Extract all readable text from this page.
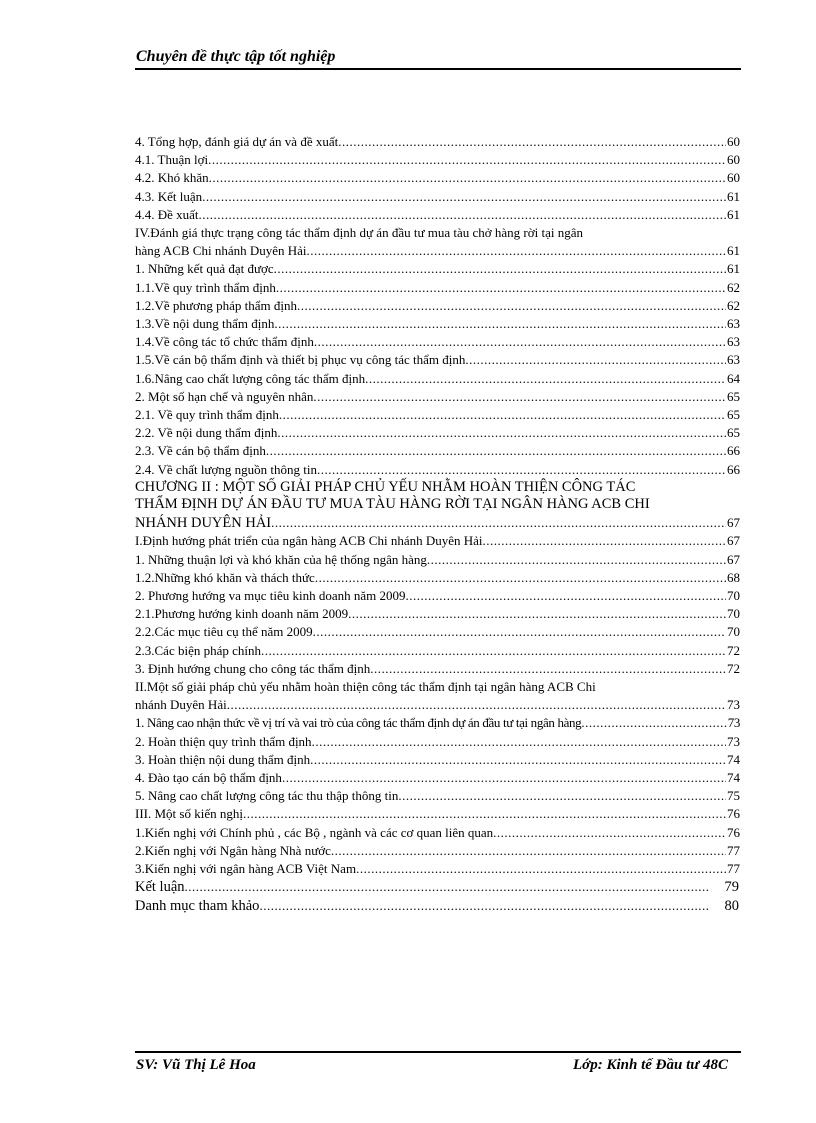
Chuyên đề thực tập tốt nghiệp
4. Tổng hợp, đánh giá dự án và đề xuất .....	60
4.1. Thuận lợi .....	60
4.2. Khó khăn .....	60
4.3. Kết luận .....	61
4.4. Đề xuất .....	61
IV.Đánh giá thực trạng công tác thẩm định dự án đầu tư mua tàu chở hàng rời tại ngân
hàng ACB Chi nhánh Duyên Hải .....	61
1. Những kết quả đạt được .....	61
1.1.Về quy trình thẩm định .....	62
1.2.Về phương pháp thẩm định .....	62
1.3.Về nội dung thẩm định .....	63
1.4.Về công tác tổ chức thẩm định .....	63
1.5.Về cán bộ thẩm định và thiết bị phục vụ công tác thẩm định .....	63
1.6.Nâng cao chất lượng công tác thẩm định .....	64
2. Một số hạn chế và nguyên nhân .....	65
2.1. Về quy trình thẩm định .....	65
2.2. Về nội dung thẩm định .....	65
2.3. Về cán bộ thẩm định .....	66
2.4. Về chất lượng nguồn thông tin .....	66
CHƯƠNG II : MỘT SỐ GIẢI PHÁP CHỦ YẾU NHẰM HOÀN THIỆN CÔNG TÁC
THẨM ĐỊNH DỰ ÁN ĐẦU TƯ MUA TÀU HÀNG RỜI TẠI NGÂN HÀNG ACB CHI
NHÁNH DUYÊN HẢI .....	67
I.Định hướng phát triển của ngân hàng ACB Chi nhánh Duyên Hải .....	67
1. Những thuận lợi và khó khăn của hệ thống ngân hàng .....	67
1.2.Những khó khăn và thách thức .....	68
2. Phương hướng va mục tiêu kinh doanh năm 2009 .....	70
2.1.Phương hướng kinh doanh năm 2009 .....	70
2.2.Các mục tiêu cụ thể năm 2009 .....	70
2.3.Các biện pháp chính .....	72
3. Định hướng chung cho công tác thẩm định .....	72
II.Một số giải pháp chủ yếu nhằm hoàn thiện công tác thẩm định tại ngân hàng ACB Chi
nhánh Duyên Hải .....	73
1. Nâng cao nhận thức về vị trí và vai trò của công tác thẩm định dự án đầu tư tại ngân hàng .....	73
2. Hoàn thiện quy trình thẩm định .....	73
3. Hoàn thiện nội dung thẩm định .....	74
4. Đào tạo cán bộ thẩm định .....	74
5. Nâng cao chất lượng công tác thu thập thông tin .....	75
III. Một số kiến nghị .....	76
1.Kiến nghị với Chính phủ , các Bộ , ngành và các cơ quan liên quan .....	76
2.Kiến nghị với Ngân hàng Nhà nước .....	77
3.Kiến nghị với ngân hàng ACB Việt Nam .....	77
Kết luận .....	79
Danh mục tham khảo .....	80
SV: Vũ Thị Lê Hoa	Lớp: Kinh tế Đầu tư 48C
